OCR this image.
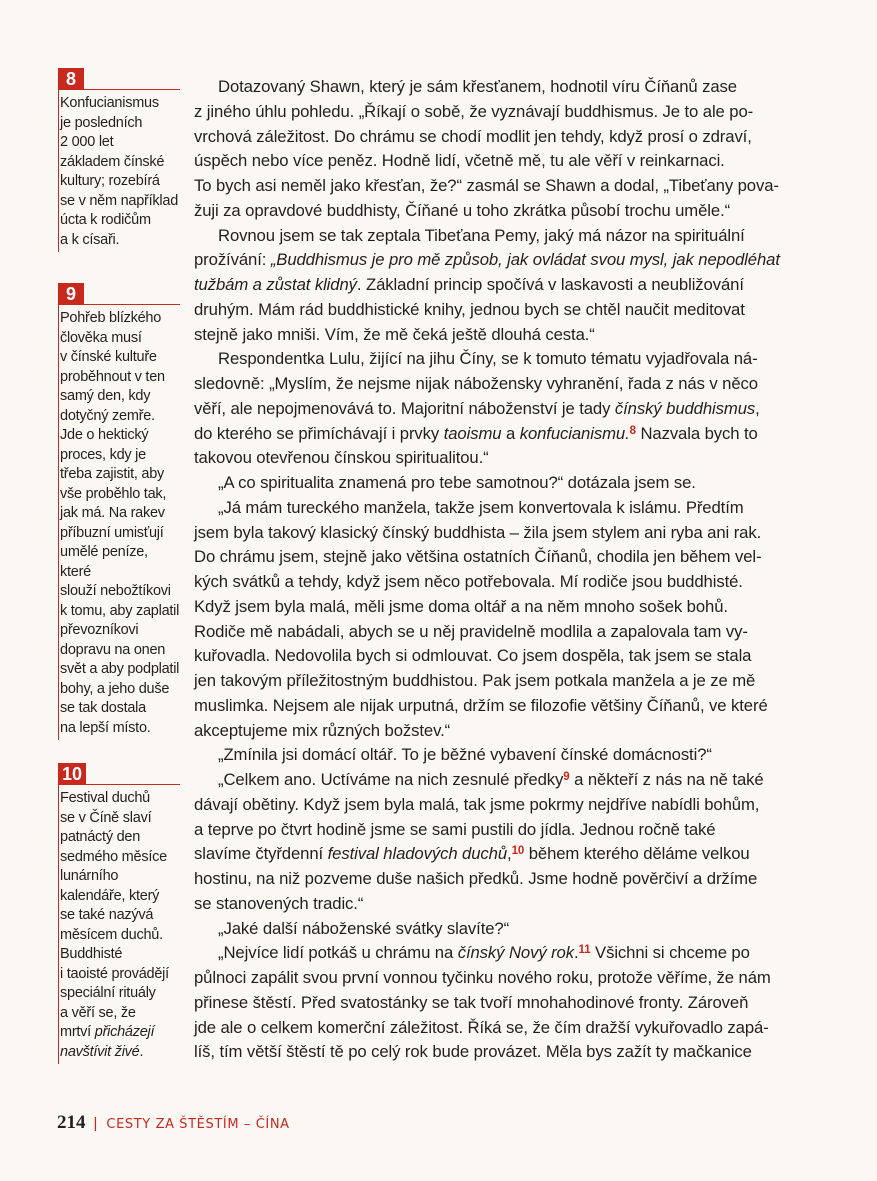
8

Konfucianismus
je posledních
2 000 let
základem čínské
kultury; rozebírá
se v něm například
úcta k rodičům
a k císaři.

9

Pohřeb blízkého
člověka musí
v čínské kultuře
proběhnout v ten
samý den, kdy
dotyčný zemře.
Jde o hektický
proces, kdy je
třeba zajistit, aby
vše proběhlo tak,
jak má. Na rakev
příbuzní umisťují
umělé peníze, které
slouží nebožtíkovi
k tomu, aby zaplatil
převozníkovi
dopravu na onen
svět a aby podplatil
bohy, a jeho duše
se tak dostala
na lepší místo.

10

Festival duchů
se v Číně slaví
patnáctý den
sedmého měsíce
lunárního
kalendáře, který
se také nazývá
měsícem duchů.
Buddhisté
i taoisté provádějí
speciální rituály
a věří se, že
mrtví přicházejí
navštívit živé.

Dotazovaný Shawn, který je sám křesťanem, hodnotil víru Číňanů zase
z jiného úhlu pohledu. „Říkají o sobě, že vyznávají buddhismus. Je to ale po-
vrchová záležitost. Do chrámu se chodí modlit jen tehdy, když prosí o zdraví,
úspěch nebo více peněz. Hodně lidí, včetně mě, tu ale věří v reinkarnaci.
To bych asi neměl jako křesťan, že?“ zasmál se Shawn a dodal, „Tibeťany pova-
žuji za opravdové buddhisty, Číňané u toho zkrátka působí trochu uměle.“

Rovnou jsem se tak zeptala Tibeťana Pemy, jaký má názor na spirituální
prožívání: „Buddhismus je pro mě způsob, jak ovládat svou mysl, jak nepodléhat
tužbám a zůstat klidný. Základní princip spočívá v laskavosti a neubližování
druhým. Mám rád buddhistické knihy, jednou bych se chtěl naučit meditovat
stejně jako mniši. Vím, že mě čeká ještě dlouhá cesta.“

Respondentka Lulu, žijící na jihu Číny, se k tomuto tématu vyjadřovala ná-
sledovně: „Myslím, že nejsme nijak nábožensky vyhranění, řada z nás v něco
věří, ale nepojmenovává to. Majoritní náboženství je tady čínský buddhismus,
do kterého se přimíchávají i prvky taoismu a konfucianismu.$^8$ Nazvala bych to
takovou otevřenou čínskou spiritualitou.“

„A co spiritualita znamená pro tebe samotnou?“ dotázala jsem se.

„Já mám tureckého manžela, takže jsem konvertovala k islámu. Předtím
jsem byla takový klasický čínský buddhista – žila jsem stylem ani ryba ani rak.
Do chrámu jsem, stejně jako většina ostatních Číňanů, chodila jen během vel-
kých svátků a tehdy, když jsem něco potřebovala. Mí rodiče jsou buddhisté.
Když jsem byla malá, měli jsme doma oltář a na něm mnoho sošek bohů.
Rodiče mě nabádali, abych se u něj pravidelně modlila a zapalovala tam vy-
kuřovadla. Nedovolila bych si odmlouvat. Co jsem dospěla, tak jsem se stala
jen takovým příležitostným buddhistou. Pak jsem potkala manžela a je ze mě
muslimka. Nejsem ale nijak urputná, držím se filozofie většiny Číňanů, ve které
akceptujeme mix různých božstev.“

„Zmínila jsi domácí oltář. To je běžné vybavení čínské domácnosti?“

„Celkem ano. Uctíváme na nich zesnulé předky$^9$ a někteří z nás na ně také
dávají obětiny. Když jsem byla malá, tak jsme pokrmy nejdříve nabídli bohům,
a teprve po čtvrt hodině jsme se sami pustili do jídla. Jednou ročně také
slavíme čtyřdenní festival hladových duchů,$^{10}$ během kterého děláme velkou
hostinu, na niž pozveme duše našich předků. Jsme hodně pověrčiví a držíme
se stanovených tradic.“

„Jaké další náboženské svátky slavíte?“

„Nejvíce lidí potkáš u chrámu na čínský Nový rok.$^{11}$ Všichni si chceme po
půlnoci zapálit svou první vonnou tyčinku nového roku, protože věříme, že nám
přinese štěstí. Před svatostánky se tak tvoří mnohahodinové fronty. Zároveň
jde ale o celkem komerční záležitost. Říká se, že čím dražší vykuřovadlo zapá-
líš, tím větší štěstí tě po celý rok bude provázet. Měla bys zažít ty mačkanice

214 | CESTY ZA ŠTĚSTÍM – ČÍNA
